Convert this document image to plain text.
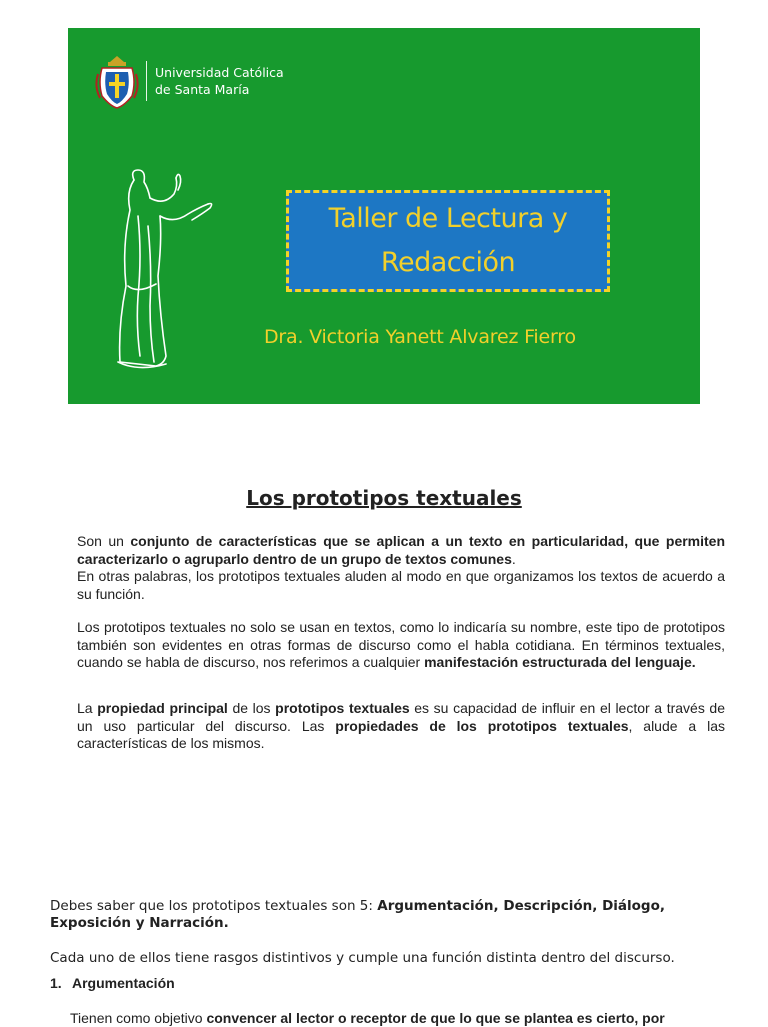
Universidad Católica
de Santa María
Taller de Lectura y
Redacción
Dra. Victoria Yanett Alvarez Fierro
Los prototipos textuales
Son un conjunto de características que se aplican a un texto en particularidad, que permiten caracterizarlo o agruparlo dentro de un grupo de textos comunes.
En otras palabras, los prototipos textuales aluden al modo en que organizamos los textos de acuerdo a su función.
Los prototipos textuales no solo se usan en textos, como lo indicaría su nombre, este tipo de prototipos también son evidentes en otras formas de discurso como el habla cotidiana. En términos textuales, cuando se habla de discurso, nos referimos a cualquier manifestación estructurada del lenguaje.
La propiedad principal de los prototipos textuales es su capacidad de influir en el lector a través de un uso particular del discurso. Las propiedades de los prototipos textuales, alude a las características de los mismos.
Debes saber que los prototipos textuales son 5: Argumentación, Descripción, Diálogo, Exposición y Narración.
Cada uno de ellos tiene rasgos distintivos y cumple una función distinta dentro del discurso.
1. Argumentación
Tienen como objetivo convencer al lector o receptor de que lo que se plantea es cierto, por
